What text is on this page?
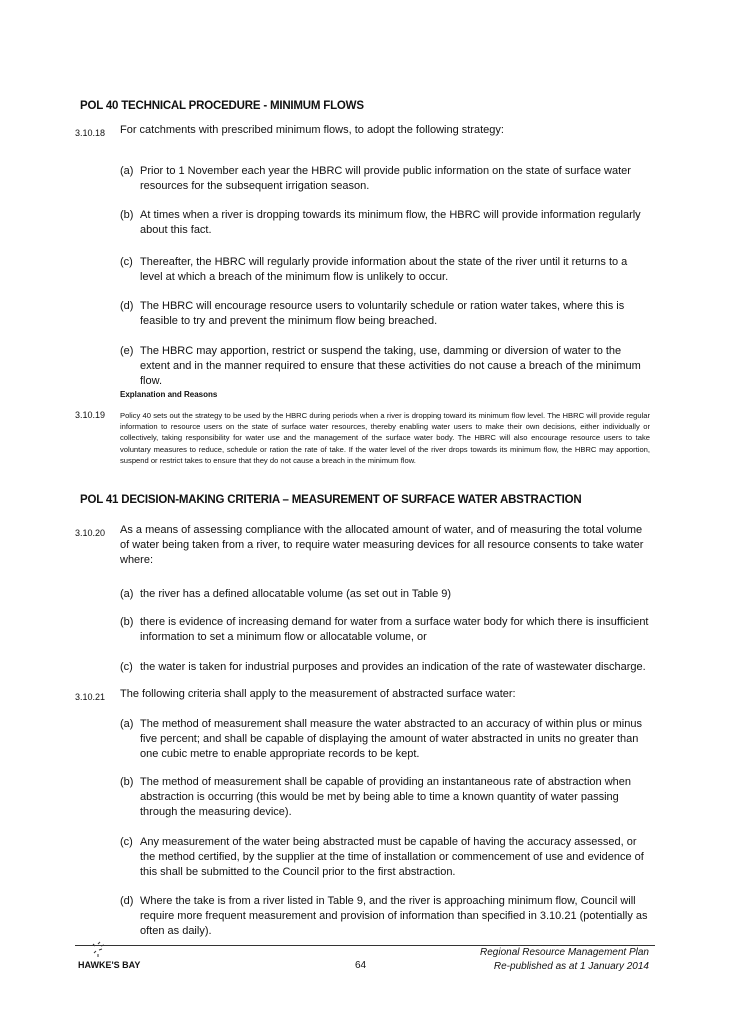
POL 40 TECHNICAL PROCEDURE - MINIMUM FLOWS
3.10.18	For catchments with prescribed minimum flows, to adopt the following strategy:
(a) Prior to 1 November each year the HBRC will provide public information on the state of surface water resources for the subsequent irrigation season.
(b) At times when a river is dropping towards its minimum flow, the HBRC will provide information regularly about this fact.
(c) Thereafter, the HBRC will regularly provide information about the state of the river until it returns to a level at which a breach of the minimum flow is unlikely to occur.
(d) The HBRC will encourage resource users to voluntarily schedule or ration water takes, where this is feasible to try and prevent the minimum flow being breached.
(e) The HBRC may apportion, restrict or suspend the taking, use, damming or diversion of water to the extent and in the manner required to ensure that these activities do not cause a breach of the minimum flow.
Explanation and Reasons
3.10.19 Policy 40 sets out the strategy to be used by the HBRC during periods when a river is dropping toward its minimum flow level. The HBRC will provide regular information to resource users on the state of surface water resources, thereby enabling water users to make their own decisions, either individually or collectively, taking responsibility for water use and the management of the surface water body. The HBRC will also encourage resource users to take voluntary measures to reduce, schedule or ration the rate of take. If the water level of the river drops towards its minimum flow, the HBRC may apportion, suspend or restrict takes to ensure that they do not cause a breach in the minimum flow.
POL 41 DECISION-MAKING CRITERIA – MEASUREMENT OF SURFACE WATER ABSTRACTION
3.10.20	As a means of assessing compliance with the allocated amount of water, and of measuring the total volume of water being taken from a river, to require water measuring devices for all resource consents to take water where:
(a) the river has a defined allocatable volume (as set out in Table 9)
(b) there is evidence of increasing demand for water from a surface water body for which there is insufficient information to set a minimum flow or allocatable volume, or
(c) the water is taken for industrial purposes and provides an indication of the rate of wastewater discharge.
3.10.21	The following criteria shall apply to the measurement of abstracted surface water:
(a) The method of measurement shall measure the water abstracted to an accuracy of within plus or minus five percent; and shall be capable of displaying the amount of water abstracted in units no greater than one cubic metre to enable appropriate records to be kept.
(b) The method of measurement shall be capable of providing an instantaneous rate of abstraction when abstraction is occurring (this would be met by being able to time a known quantity of water passing through the measuring device).
(c) Any measurement of the water being abstracted must be capable of having the accuracy assessed, or the method certified, by the supplier at the time of installation or commencement of use and evidence of this shall be submitted to the Council prior to the first abstraction.
(d) Where the take is from a river listed in Table 9, and the river is approaching minimum flow, Council will require more frequent measurement and provision of information than specified in 3.10.21 (potentially as often as daily).
HAWKE'S BAY	64
Regional Resource Management Plan
Re-published as at 1 January 2014
